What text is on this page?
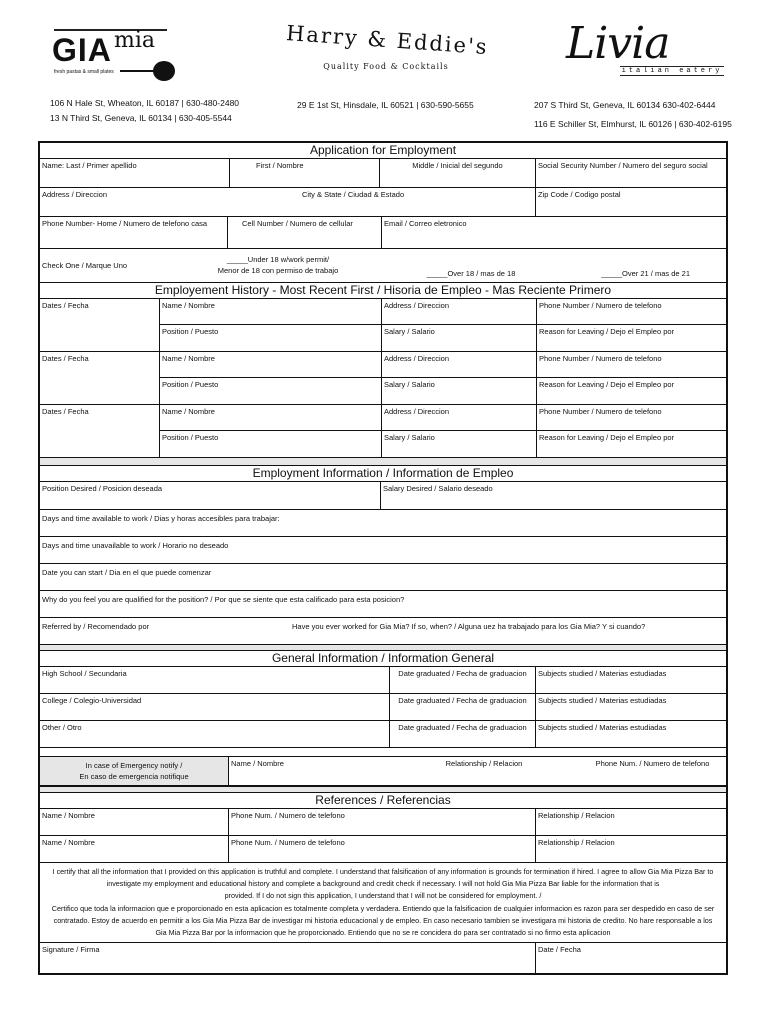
GIA mia
fresh pastas & small plates
Harry & Eddie's
Quality Food & Cocktails	Livia
italian eatery
106 N Hale St, Wheaton, IL 60187 | 630-480-2480
13 N Third St, Geneva, IL 60134 | 630-405-5544
29 E 1st St, Hinsdale, IL 60521 | 630-590-5655	207 S Third St, Geneva, IL 60134 630-402-6444
116 E Schiller St, Elmhurst, IL 60126 | 630-402-6195
Application for Employment
Name: Last / Primer apellido	First / Nombre	Middle / Inicial del segundo	Social Security Number / Numero del seguro social
Address / Direccion	City & State / Ciudad & Estado	Zip Code / Codigo postal
Phone Number- Home / Numero de telefono casa	Cell Number / Numero de cellular	Email / Correo eletronico
Check One / Marque Uno
_____Under 18 w/work permit/
Menor de 18 con permiso de trabajo	_____Over 18 / mas de 18	_____Over 21 / mas de 21
Employement History - Most Recent First / Hisoria de Empleo - Mas Reciente Primero
Dates / Fecha	Name / Nombre	Address / Direccion	Phone Number / Numero de telefono
Position / Puesto	Salary / Salario	Reason for Leaving / Dejo el Empleo por
Dates / Fecha	Name / Nombre	Address / Direccion	Phone Number / Numero de telefono
Position / Puesto	Salary / Salario	Reason for Leaving / Dejo el Empleo por
Dates / Fecha	Name / Nombre	Address / Direccion	Phone Number / Numero de telefono
Position / Puesto	Salary / Salario	Reason for Leaving / Dejo el Empleo por
Employment Information / Information de Empleo
Position Desired / Posicion deseada	Salary Desired / Salario deseado
Days and time available to work / Dias y horas accesibles para trabajar:
Days and time unavailable to work / Horario no deseado
Date you can start / Dia en el que puede comenzar
Why do you feel you are qualified for the position? / Por que se siente que esta calificado para esta posicion?
Referred by / Recomendado por	Have you ever worked for Gia Mia? If so, when? / Alguna uez ha trabajado para los Gia Mia? Y si cuando?
General Information / Information General
High School / Secundaria	Date graduated / Fecha de graduacion	Subjects studied / Materias estudiadas
College / Colegio-Universidad	Date graduated / Fecha de graduacion	Subjects studied / Materias estudiadas
Other / Otro	Date graduated / Fecha de graduacion	Subjects studied / Materias estudiadas
In case of Emergency notify /
En caso de emergencia notifique
Name / Nombre	Relationship / Relacion	Phone Num. / Numero de telefono
References / Referencias
Name / Nombre	Phone Num. / Numero de telefono	Relationship / Relacion
Name / Nombre	Phone Num. / Numero de telefono	Relationship / Relacion
I certify that all the information that I provided on this application is truthful and complete. I understand that falsification of any information is grounds for termination if hired. I agree to allow Gia Mia Pizza Bar to
investigate my employment and educational history and complete a background and credit check if necessary. I will not hold Gia Mia Pizza Bar liable for the information that is
provided. If I do not sign this application, I understand that I will not be considered for employment. /
Certifico que toda la informacion que e proporcionado en esta aplicacion es totalmente completa y verdadera. Entiendo que la falsificacion de cualquier informacion es razon para ser despedido en caso de ser
contratado. Estoy de acuerdo en permitir a los Gia Mia Pizza Bar de investigar mi historia educacional y de empleo. En caso necesario tambien se investigara mi historia de credito. No hare responsable a los
Gia Mia Pizza Bar por la informacion que he proporcionado. Entiendo que no se re concidera do para ser contratado si no firmo esta aplicacion
Signature / Firma	Date / Fecha
